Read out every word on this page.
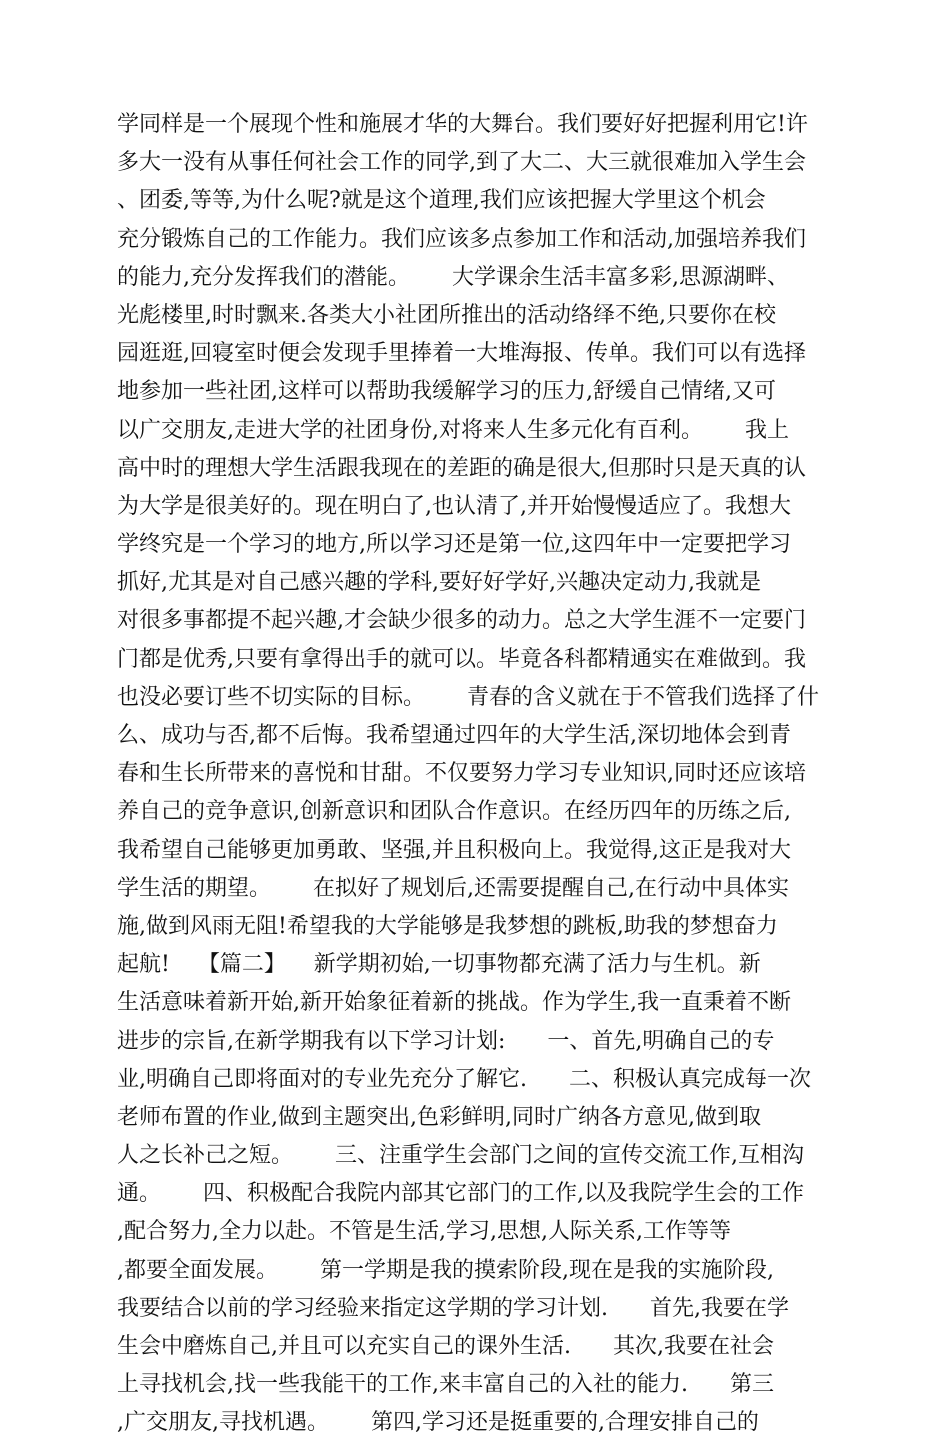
学同样是一个展现个性和施展才华的大舞台。我们要好好把握利用它!许
多大一没有从事任何社会工作的同学,到了大二、大三就很难加入学生会
、团委,等等,为什么呢?就是这个道理,我们应该把握大学里这个机会
充分锻炼自己的工作能力。我们应该多点参加工作和活动,加强培养我们
的能力,充分发挥我们的潜能。      大学课余生活丰富多彩,思源湖畔、
光彪楼里,时时飘来.各类大小社团所推出的活动络绎不绝,只要你在校
园逛逛,回寝室时便会发现手里捧着一大堆海报、传单。我们可以有选择
地参加一些社团,这样可以帮助我缓解学习的压力,舒缓自己情绪,又可
以广交朋友,走进大学的社团身份,对将来人生多元化有百利。      我上
高中时的理想大学生活跟我现在的差距的确是很大,但那时只是天真的认
为大学是很美好的。现在明白了,也认清了,并开始慢慢适应了。我想大
学终究是一个学习的地方,所以学习还是第一位,这四年中一定要把学习
抓好,尤其是对自己感兴趣的学科,要好好学好,兴趣决定动力,我就是
对很多事都提不起兴趣,才会缺少很多的动力。总之大学生涯不一定要门
门都是优秀,只要有拿得出手的就可以。毕竟各科都精通实在难做到。我
也没必要订些不切实际的目标。      青春的含义就在于不管我们选择了什
么、成功与否,都不后悔。我希望通过四年的大学生活,深切地体会到青
春和生长所带来的喜悦和甘甜。不仅要努力学习专业知识,同时还应该培
养自己的竞争意识,创新意识和团队合作意识。在经历四年的历练之后,
我希望自己能够更加勇敢、坚强,并且积极向上。我觉得,这正是我对大
学生活的期望。      在拟好了规划后,还需要提醒自己,在行动中具体实
施,做到风雨无阻!希望我的大学能够是我梦想的跳板,助我的梦想奋力
起航!    【篇二】    新学期初始,一切事物都充满了活力与生机。新
生活意味着新开始,新开始象征着新的挑战。作为学生,我一直秉着不断
进步的宗旨,在新学期我有以下学习计划:      一、首先,明确自己的专
业,明确自己即将面对的专业先充分了解它.      二、积极认真完成每一次
老师布置的作业,做到主题突出,色彩鲜明,同时广纳各方意见,做到取
人之长补己之短。      三、注重学生会部门之间的宣传交流工作,互相沟
通。      四、积极配合我院内部其它部门的工作,以及我院学生会的工作
,配合努力,全力以赴。不管是生活,学习,思想,人际关系,工作等等
,都要全面发展。      第一学期是我的摸索阶段,现在是我的实施阶段,
我要结合以前的学习经验来指定这学期的学习计划.      首先,我要在学
生会中磨炼自己,并且可以充实自己的课外生活.      其次,我要在社会
上寻找机会,找一些我能干的工作,来丰富自己的入社的能力.      第三
,广交朋友,寻找机遇。      第四,学习还是挺重要的,合理安排自己的
